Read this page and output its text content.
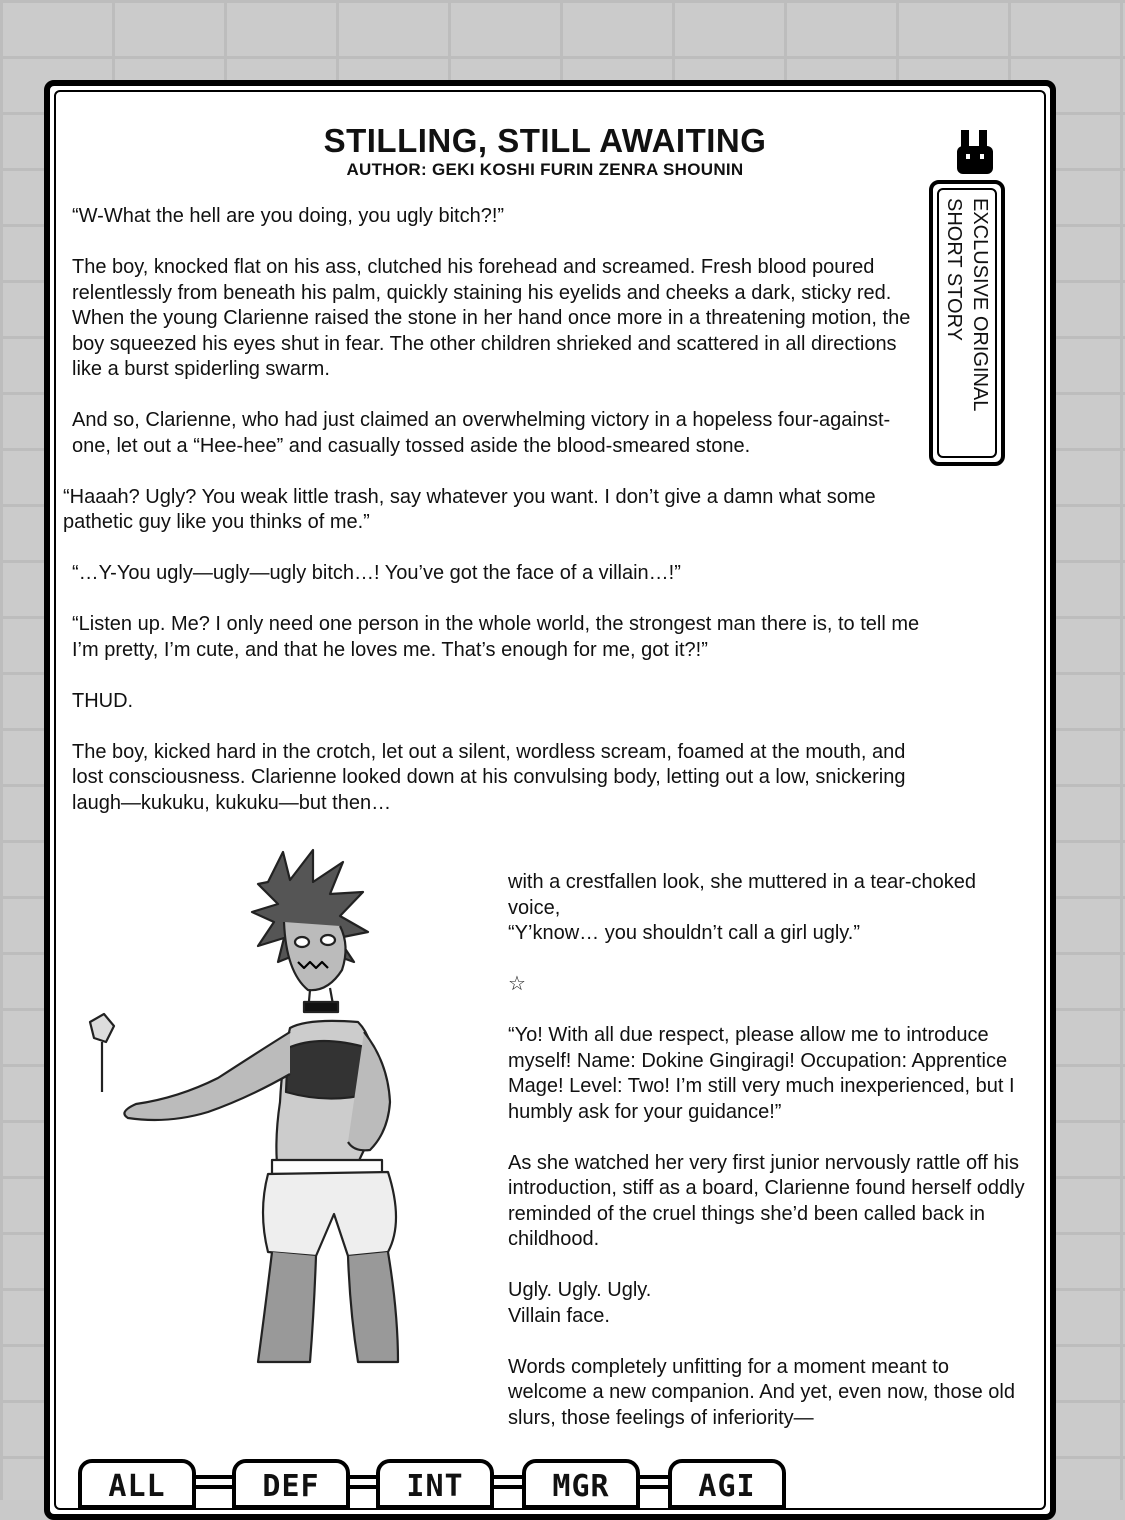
STILLING, STILL AWAITING
AUTHOR: GEKI KOSHI FURIN ZENRA SHOUNIN
EXCLUSIVE ORIGINAL
SHORT STORY

“W-What the hell are you doing, you ugly bitch?!”

The boy, knocked flat on his ass, clutched his forehead and screamed. Fresh blood poured relentlessly from beneath his palm, quickly staining his eyelids and cheeks a dark, sticky red.

When the young Clarienne raised the stone in her hand once more in a threatening motion, the boy squeezed his eyes shut in fear. The other children shrieked and scattered in all directions like a burst spiderling swarm.

And so, Clarienne, who had just claimed an overwhelming victory in a hopeless four-against-one, let out a “Hee-hee” and casually tossed aside the blood-smeared stone.

“Haaah? Ugly? You weak little trash, say whatever you want. I don’t give a damn what some pathetic guy like you thinks of me.”

“…Y-You ugly—ugly—ugly bitch…! You’ve got the face of a villain…!”

“Listen up. Me? I only need one person in the whole world, the strongest man there is, to tell me I’m pretty, I’m cute, and that he loves me. That’s enough for me, got it?!”

THUD.

The boy, kicked hard in the crotch, let out a silent, wordless scream, foamed at the mouth, and lost consciousness. Clarienne looked down at his convulsing body, letting out a low, snickering laugh—kukuku, kukuku—but then…

with a crestfallen look, she muttered in a tear-choked voice,
“Y’know… you shouldn’t call a girl ugly.”

☆

“Yo! With all due respect, please allow me to introduce myself! Name: Dokine Gingiragi! Occupation: Apprentice Mage! Level: Two! I’m still very much inexperienced, but I humbly ask for your guidance!”

As she watched her very first junior nervously rattle off his introduction, stiff as a board, Clarienne found herself oddly reminded of the cruel things she’d been called back in childhood.

Ugly. Ugly. Ugly.
Villain face.

Words completely unfitting for a moment meant to welcome a new companion. And yet, even now, those old slurs, those feelings of inferiority—

ALL	DEF	INT	MGR	AGI
